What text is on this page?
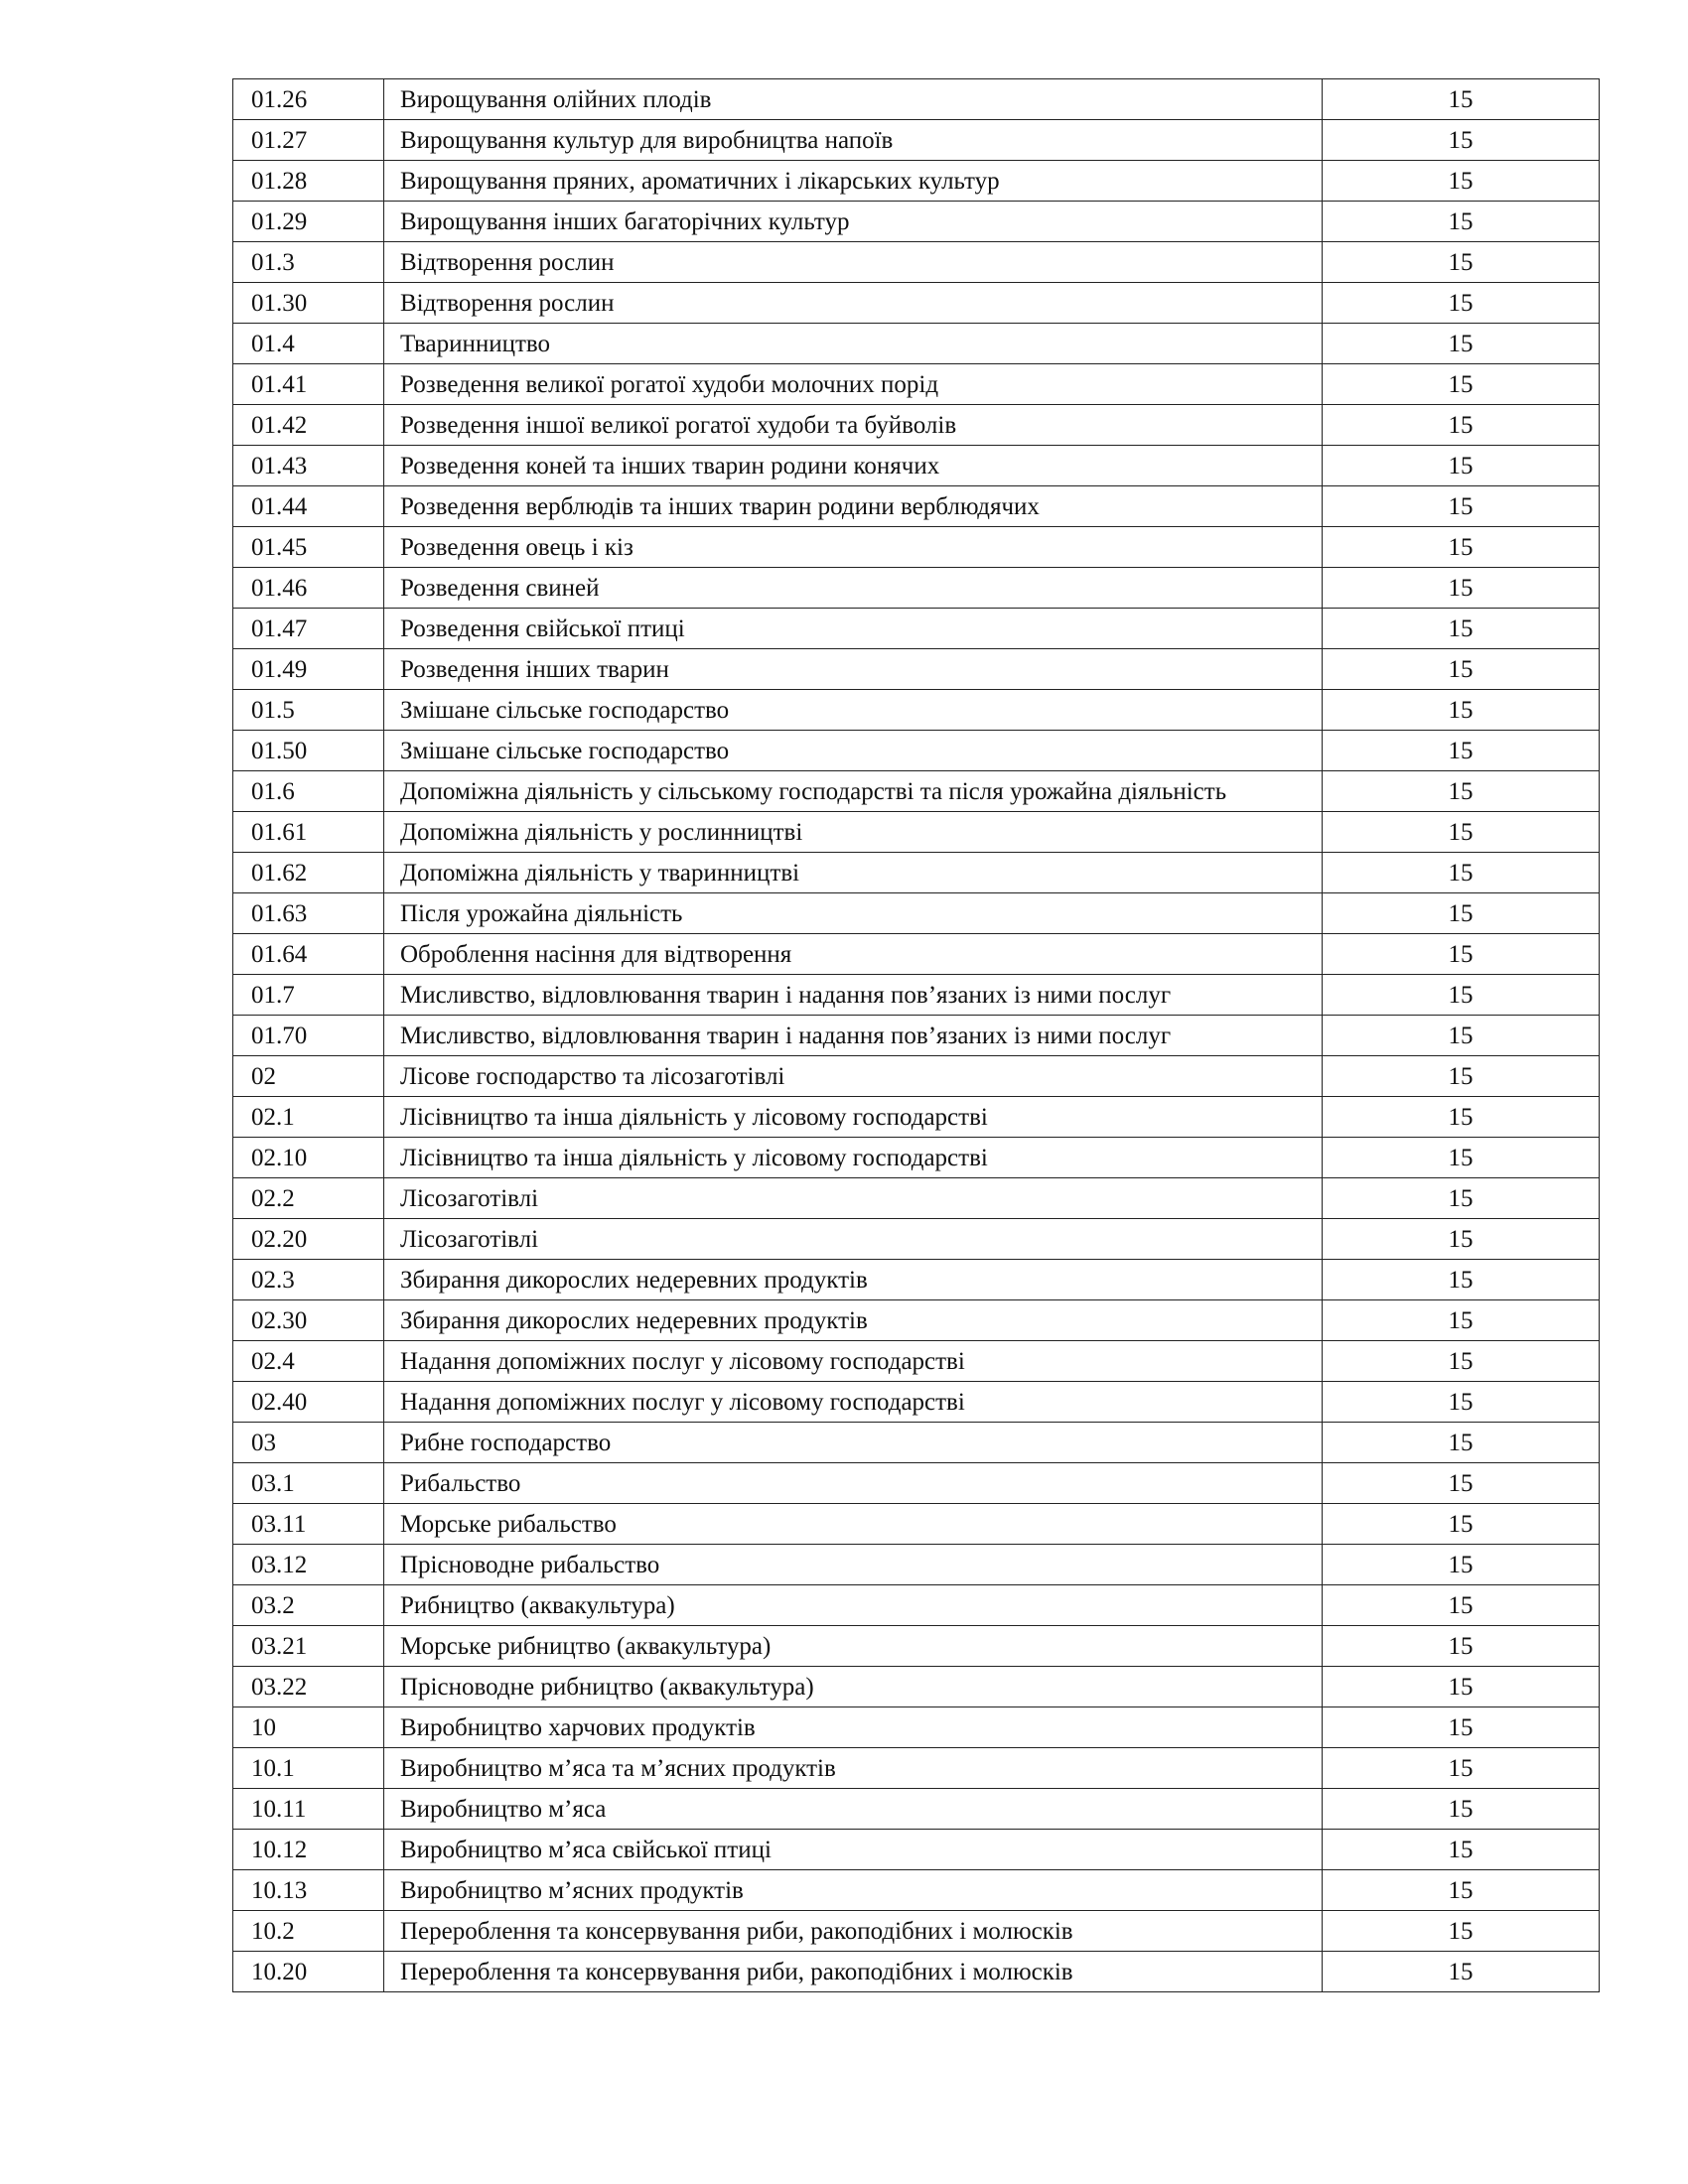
01.26	Вирощування олійних плодів	15
01.27	Вирощування культур для виробництва напоїв	15
01.28	Вирощування пряних, ароматичних і лікарських культур	15
01.29	Вирощування інших багаторічних культур	15
01.3	Відтворення рослин	15
01.30	Відтворення рослин	15
01.4	Тваринництво	15
01.41	Розведення великої рогатої худоби молочних порід	15
01.42	Розведення іншої великої рогатої худоби та буйволів	15
01.43	Розведення коней та інших тварин родини конячих	15
01.44	Розведення верблюдів та інших тварин родини верблюдячих	15
01.45	Розведення овець і кіз	15
01.46	Розведення свиней	15
01.47	Розведення свійської птиці	15
01.49	Розведення інших тварин	15
01.5	Змішане сільське господарство	15
01.50	Змішане сільське господарство	15
01.6	Допоміжна діяльність у сільському господарстві та після урожайна діяльність	15
01.61	Допоміжна діяльність у рослинництві	15
01.62	Допоміжна діяльність у тваринництві	15
01.63	Після урожайна діяльність	15
01.64	Оброблення насіння для відтворення	15
01.7	Мисливство, відловлювання тварин і надання пов’язаних із ними послуг	15
01.70	Мисливство, відловлювання тварин і надання пов’язаних із ними послуг	15
02	Лісове господарство та лісозаготівлі	15
02.1	Лісівництво та інша діяльність у лісовому господарстві	15
02.10	Лісівництво та інша діяльність у лісовому господарстві	15
02.2	Лісозаготівлі	15
02.20	Лісозаготівлі	15
02.3	Збирання дикорослих недеревних продуктів	15
02.30	Збирання дикорослих недеревних продуктів	15
02.4	Надання допоміжних послуг у лісовому господарстві	15
02.40	Надання допоміжних послуг у лісовому господарстві	15
03	Рибне господарство	15
03.1	Рибальство	15
03.11	Морське рибальство	15
03.12	Прісноводне рибальство	15
03.2	Рибництво (аквакультура)	15
03.21	Морське рибництво (аквакультура)	15
03.22	Прісноводне рибництво (аквакультура)	15
10	Виробництво харчових продуктів	15
10.1	Виробництво м’яса та м’ясних продуктів	15
10.11	Виробництво м’яса	15
10.12	Виробництво м’яса свійської птиці	15
10.13	Виробництво м’ясних продуктів	15
10.2	Перероблення та консервування риби, ракоподібних і молюсків	15
10.20	Перероблення та консервування риби, ракоподібних і молюсків	15
